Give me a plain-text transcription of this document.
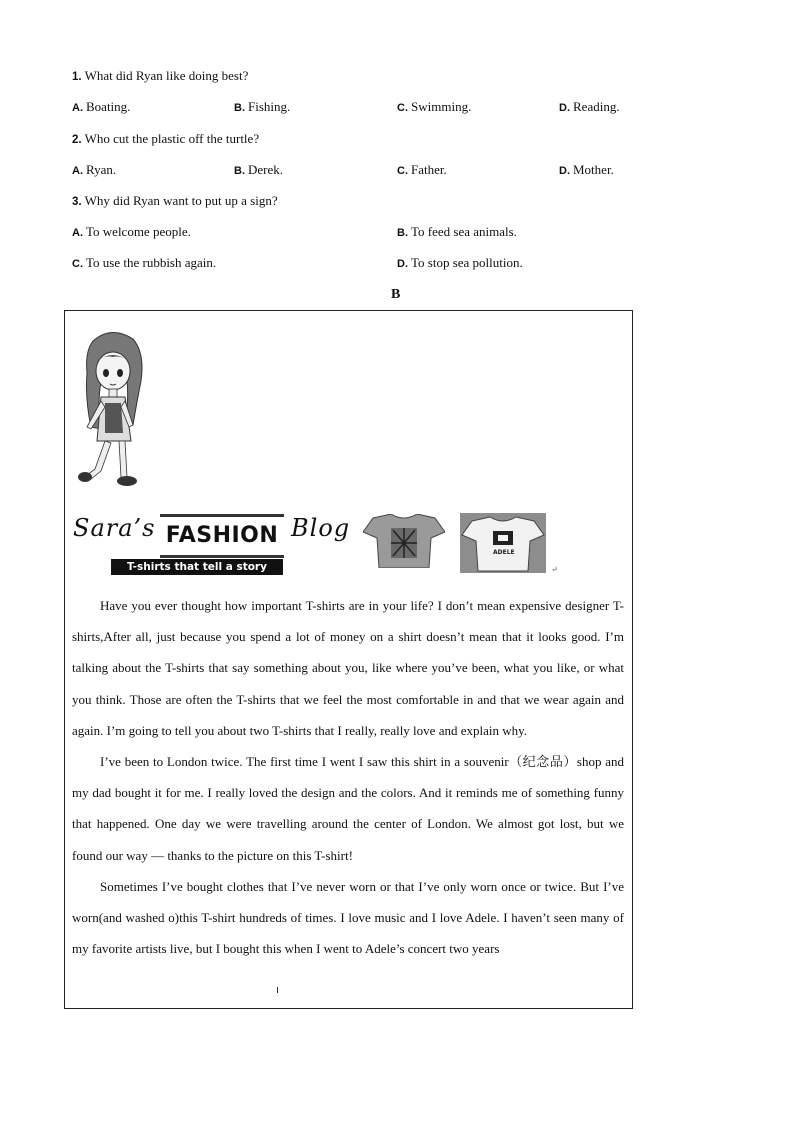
1. What did Ryan like doing best?
A. Boating.	B. Fishing.	C. Swimming.	D. Reading.
2. Who cut the plastic off the turtle?
A. Ryan.	B. Derek.	C. Father.	D. Mother.
3. Why did Ryan want to put up a sign?
A. To welcome people.	B. To feed sea animals.
C. To use the rubbish again.	D. To stop sea pollution.
B
Sara’s FASHION Blog
T-shirts that tell a story
ADELE
↵

Have you ever thought how important T-shirts are in your life? I don’t mean expensive designer T-shirts,After all, just because you spend a lot of money on a shirt doesn’t mean that it looks good. I’m talking about the T-shirts that say something about you, like where you’ve been, what you like, or what you think. Those are often the T-shirts that we feel the most comfortable in and that we wear again and again. I’m going to tell you about two T-shirts that I really, really love and explain why.

I’ve been to London twice. The first time I went I saw this shirt in a souvenir（纪念品）shop and my dad bought it for me. I really loved the design and the colors. And it reminds me of something funny that happened. One day we were travelling around the center of London. We almost got lost, but we found our way — thanks to the picture on this T-shirt!

Sometimes I’ve bought clothes that I’ve never worn or that I’ve only worn once or twice. But I’ve worn(and washed o)this T-shirt hundreds of times. I love music and I love Adele. I haven’t seen many of my favorite artists live, but I bought this when I went to Adele’s concert two years
